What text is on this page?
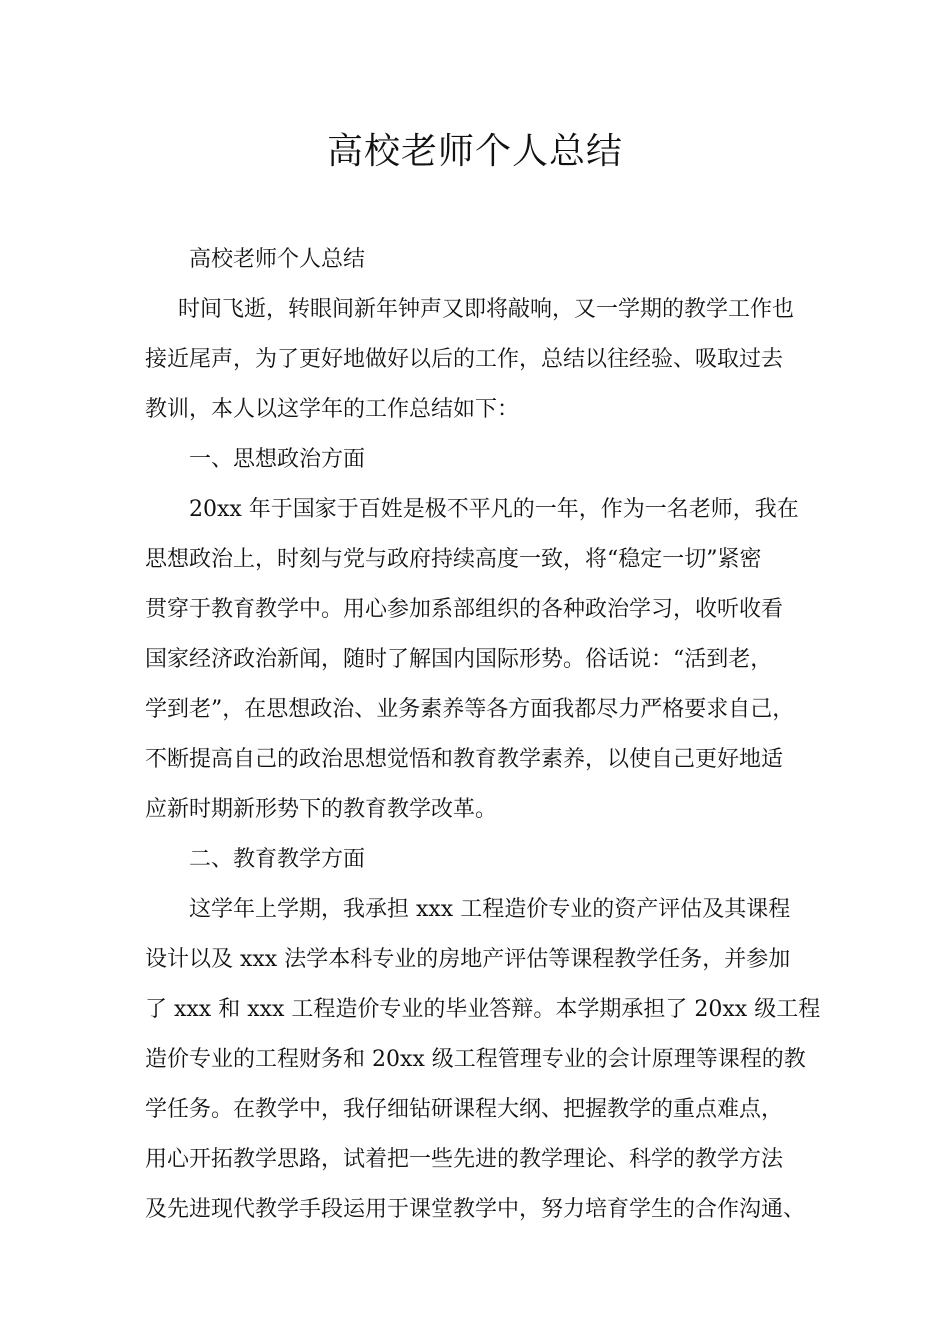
高校老师个人总结

高校老师个人总结

时间飞逝，转眼间新年钟声又即将敲响，又一学期的教学工作也
接近尾声，为了更好地做好以后的工作，总结以往经验、吸取过去
教训，本人以这学年的工作总结如下：

一、思想政治方面

20xx 年于国家于百姓是极不平凡的一年，作为一名老师，我在
思想政治上，时刻与党与政府持续高度一致，将“稳定一切”紧密
贯穿于教育教学中。用心参加系部组织的各种政治学习，收听收看
国家经济政治新闻，随时了解国内国际形势。俗话说：“活到老，
学到老”，在思想政治、业务素养等各方面我都尽力严格要求自己，
不断提高自己的政治思想觉悟和教育教学素养，以使自己更好地适
应新时期新形势下的教育教学改革。

二、教育教学方面

这学年上学期，我承担 xxx 工程造价专业的资产评估及其课程
设计以及 xxx 法学本科专业的房地产评估等课程教学任务，并参加
了 xxx 和 xxx 工程造价专业的毕业答辩。本学期承担了 20xx 级工程
造价专业的工程财务和 20xx 级工程管理专业的会计原理等课程的教
学任务。在教学中，我仔细钻研课程大纲、把握教学的重点难点，
用心开拓教学思路，试着把一些先进的教学理论、科学的教学方法
及先进现代教学手段运用于课堂教学中，努力培育学生的合作沟通、
